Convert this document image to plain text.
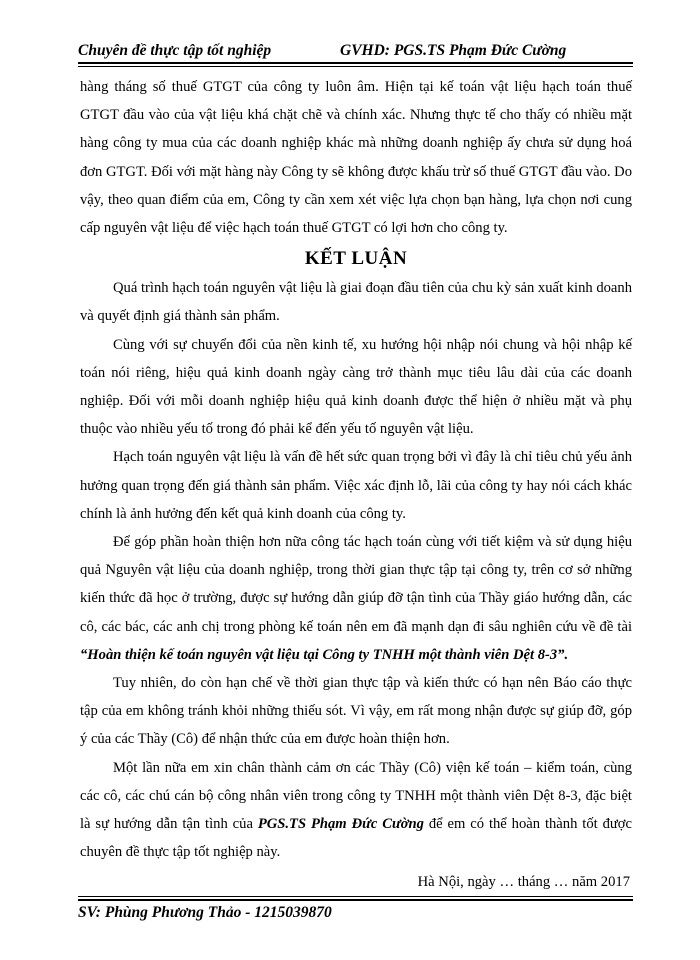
Chuyên đề thực tập tốt nghiệp	GVHD: PGS.TS Phạm Đức Cường

hàng tháng số thuế GTGT của công ty luôn âm. Hiện tại kế toán vật liệu hạch toán thuế GTGT đầu vào của vật liệu khá chặt chẽ và chính xác. Nhưng thực tế cho thấy có nhiều mặt hàng công ty mua của các doanh nghiệp khác mà những doanh nghiệp ấy chưa sử dụng hoá đơn GTGT. Đối với mặt hàng này Công ty sẽ không được khấu trừ số thuế GTGT đầu vào. Do vậy, theo quan điểm của em, Công ty cần xem xét việc lựa chọn bạn hàng, lựa chọn nơi cung cấp nguyên vật liệu để việc hạch toán thuế GTGT có lợi hơn cho công ty.

KẾT LUẬN

Quá trình hạch toán nguyên vật liệu là giai đoạn đầu tiên của chu kỳ sản xuất kinh doanh và quyết định giá thành sản phẩm.

Cùng với sự chuyển đổi của nền kinh tế, xu hướng hội nhập nói chung và hội nhập kế toán nói riêng, hiệu quả kinh doanh ngày càng trở thành mục tiêu lâu dài của các doanh nghiệp. Đối với mỗi doanh nghiệp hiệu quả kinh doanh được thể hiện ở nhiều mặt và phụ thuộc vào nhiều yếu tố trong đó phải kể đến yếu tố nguyên vật liệu.

Hạch toán nguyên vật liệu là vấn đề hết sức quan trọng bởi vì đây là chỉ tiêu chủ yếu ảnh hưởng quan trọng đến giá thành sản phẩm. Việc xác định lỗ, lãi của công ty hay nói cách khác chính là ảnh hưởng đến kết quả kinh doanh của công ty.

Để góp phần hoàn thiện hơn nữa công tác hạch toán cùng với tiết kiệm và sử dụng hiệu quả Nguyên vật liệu của doanh nghiệp, trong thời gian thực tập tại công ty, trên cơ sở những kiến thức đã học ở trường, được sự hướng dẫn giúp đỡ tận tình của Thầy giáo hướng dẫn, các cô, các bác, các anh chị trong phòng kế toán nên em đã mạnh dạn đi sâu nghiên cứu về đề tài “Hoàn thiện kế toán nguyên vật liệu tại Công ty TNHH một thành viên Dệt 8-3”.

Tuy nhiên, do còn hạn chế về thời gian thực tập và kiến thức có hạn nên Báo cáo thực tập của em không tránh khỏi những thiếu sót. Vì vậy, em rất mong nhận được sự giúp đỡ, góp ý của các Thầy (Cô) để nhận thức của em được hoàn thiện hơn.

Một lần nữa em xin chân thành cảm ơn các Thầy (Cô) viện kế toán – kiểm toán, cùng các cô, các chú cán bộ công nhân viên trong công ty TNHH một thành viên Dệt 8-3, đặc biệt là sự hướng dẫn tận tình của PGS.TS Phạm Đức Cường để em có thể hoàn thành tốt được chuyên đề thực tập tốt nghiệp này.

Hà Nội, ngày … tháng … năm 2017

SV: Phùng Phương Thảo - 1215039870
